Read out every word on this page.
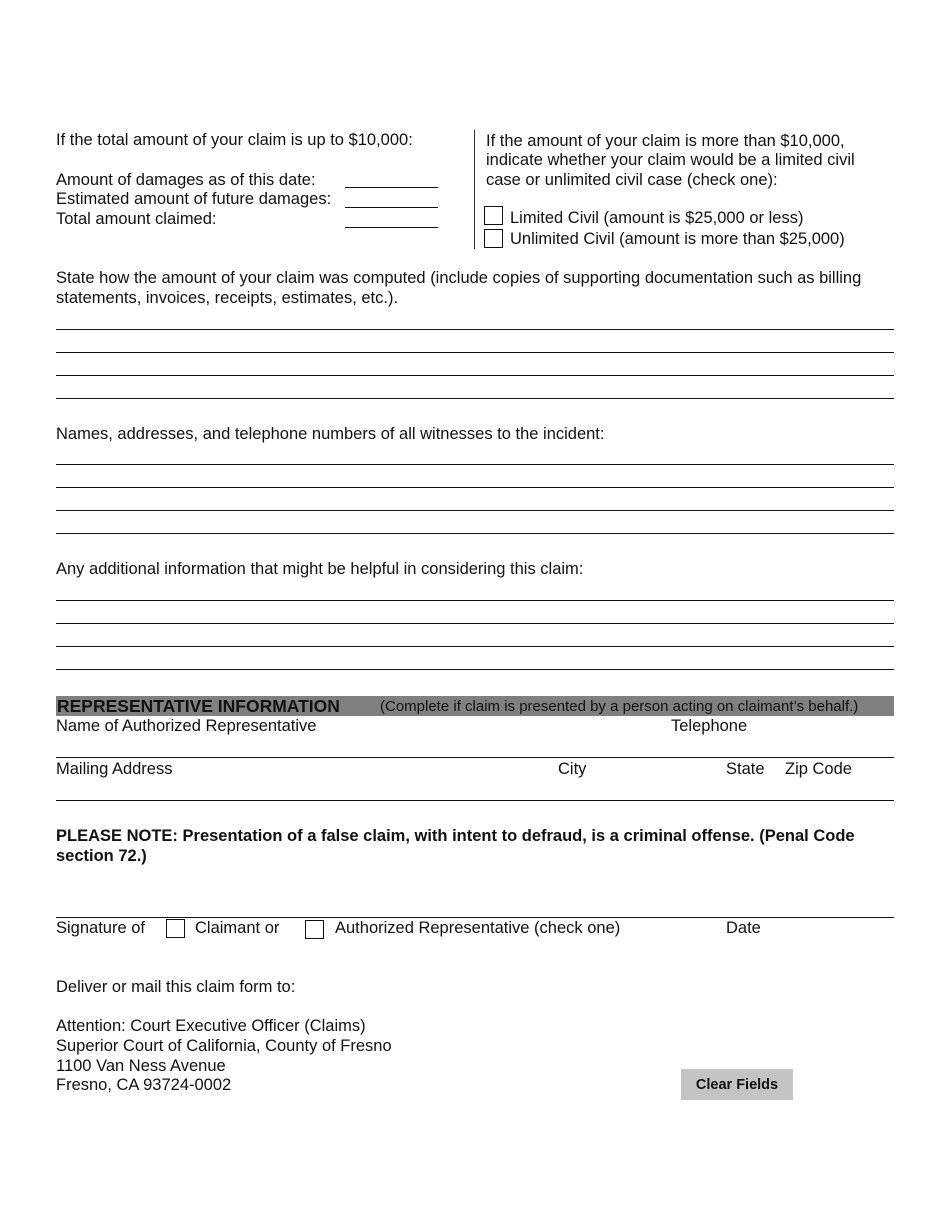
If the total amount of your claim is up to $10,000:
Amount of damages as of this date:
Estimated amount of future damages:
Total amount claimed:
If the amount of your claim is more than $10,000,
indicate whether your claim would be a limited civil
case or unlimited civil case (check one):
Limited Civil (amount is $25,000 or less)
Unlimited Civil (amount is more than $25,000)
State how the amount of your claim was computed (include copies of supporting documentation such as billing
statements, invoices, receipts, estimates, etc.).
Names, addresses, and telephone numbers of all witnesses to the incident:
Any additional information that might be helpful in considering this claim:
REPRESENTATIVE INFORMATION	(Complete if claim is presented by a person acting on claimant’s behalf.)
Name of Authorized Representative	Telephone
Mailing Address	City	State Zip Code
PLEASE NOTE: Presentation of a false claim, with intent to defraud, is a criminal offense. (Penal Code section 72.)
Signature of	Claimant or	Authorized Representative (check one)	Date
Deliver or mail this claim form to:
Attention: Court Executive Officer (Claims)
Superior Court of California, County of Fresno
1100 Van Ness Avenue
Fresno, CA 93724-0002	Clear Fields
